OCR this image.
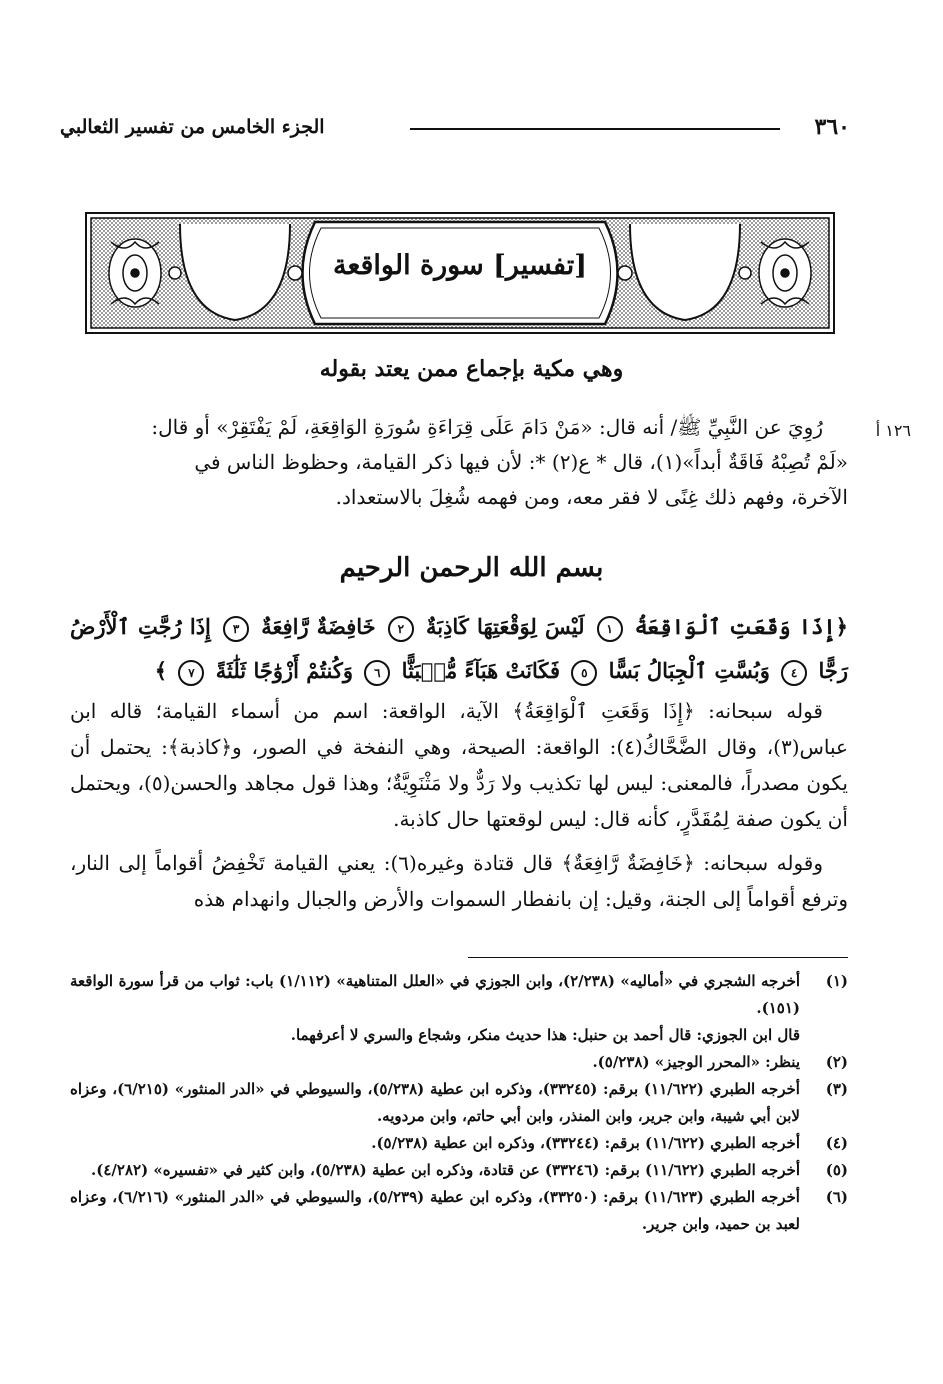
٣٦٠
الجزء الخامس من تفسير الثعالبي
[تفسير] سورة الواقعة
وهي مكية بإجماع ممن يعتد بقوله
١٢٦ أ

رُوِيَ عن النَّبِيِّ ﷺ/ أنه قال: «مَنْ دَامَ عَلَى قِرَاءَةِ سُورَةِ الوَاقِعَةِ، لَمْ يَفْتَقِرْ» أو قال:

«لَمْ تُصِبْهُ فَاقَةٌ أبداً»(١)، قال * ع(٢) *: لأن فيها ذكر القيامة، وحظوظ الناس في

الآخرة، وفهم ذلك غِنًى لا فقر معه، ومن فهمه شُغِلَ بالاستعداد.

بسم الله الرحمن الرحيم
﴿إِذَا وَقَعَتِ ٱلْوَاقِعَةُ ١ لَيْسَ لِوَقْعَتِهَا كَاذِبَةٌ ٢ خَافِضَةٌ رَّافِعَةٌ ٣ إِذَا رُجَّتِ ٱلْأَرْضُ رَجًّا ٤ وَبُسَّتِ ٱلْجِبَالُ بَسًّا ٥ فَكَانَتْ هَبَآءً مُّنۢبَثًّا ٦ وَكُنتُمْ أَزْوَٰجًا ثَلَٰثَةً ٧ ﴾

قوله سبحانه: ﴿إِذَا وَقَعَتِ ٱلْوَاقِعَةُ﴾ الآية، الواقعة: اسم من أسماء القيامة؛ قاله ابن عباس(٣)، وقال الضَّحَّاكُ(٤): الواقعة: الصيحة، وهي النفخة في الصور، و﴿كاذبة﴾: يحتمل أن يكون مصدراً، فالمعنى: ليس لها تكذيب ولا رَدٌّ ولا مَثْنَوِيَّةٌ؛ وهذا قول مجاهد والحسن(٥)، ويحتمل أن يكون صفة لِمُقَدَّرٍ، كأنه قال: ليس لوقعتها حال كاذبة.

وقوله سبحانه: ﴿خَافِضَةٌ رَّافِعَةٌ﴾ قال قتادة وغيره(٦): يعني القيامة تَخْفِضُ أقواماً إلى النار، وترفع أقواماً إلى الجنة، وقيل: إن بانفطار السموات والأرض والجبال وانهدام هذه

(١)
أخرجه الشجري في «أماليه» (٢/٢٣٨)، وابن الجوزي في «العلل المتناهية» (١/١١٢) باب: ثواب من قرأ سورة الواقعة (١٥١).
قال ابن الجوزي: قال أحمد بن حنبل: هذا حديث منكر، وشجاع والسري لا أعرفهما.
(٢)
ينظر: «المحرر الوجيز» (٥/٢٣٨).
(٣)
أخرجه الطبري (١١/٦٢٢) برقم: (٣٣٢٤٥)، وذكره ابن عطية (٥/٢٣٨)، والسيوطي في «الدر المنثور» (٦/٢١٥)، وعزاه لابن أبي شيبة، وابن جرير، وابن المنذر، وابن أبي حاتم، وابن مردويه.
(٤)
أخرجه الطبري (١١/٦٢٢) برقم: (٣٣٢٤٤)، وذكره ابن عطية (٥/٢٣٨).
(٥)
أخرجه الطبري (١١/٦٢٢) برقم: (٣٣٢٤٦) عن قتادة، وذكره ابن عطية (٥/٢٣٨)، وابن كثير في «تفسيره» (٤/٢٨٢).
(٦)
أخرجه الطبري (١١/٦٢٣) برقم: (٣٣٢٥٠)، وذكره ابن عطية (٥/٢٣٩)، والسيوطي في «الدر المنثور» (٦/٢١٦)، وعزاه لعبد بن حميد، وابن جرير.
